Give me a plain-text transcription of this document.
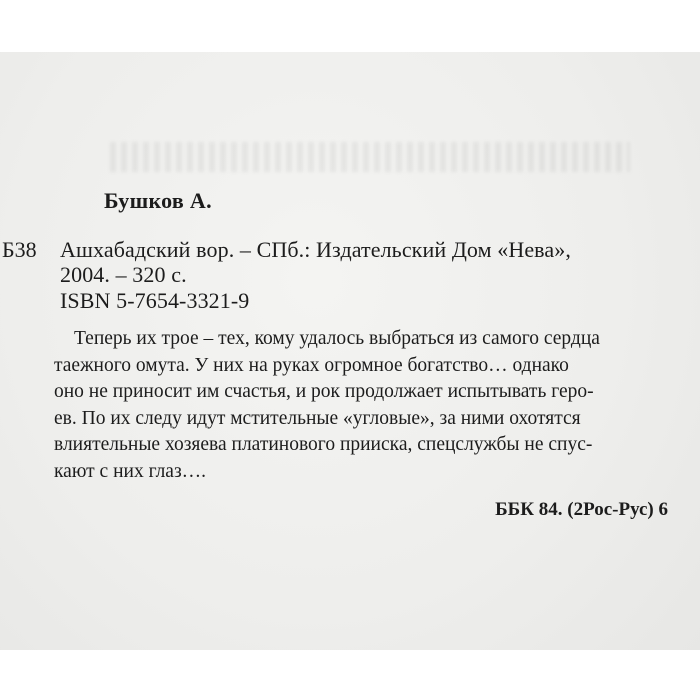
Бушков А.
Б38 Ашхабадский вор. – СПб.: Издательский Дом «Нева»,
2004. – 320 с.
ISBN 5-7654-3321-9
Теперь их трое – тех, кому удалось выбраться из самого сердца
таежного омута. У них на руках огромное богатство… однако
оно не приносит им счастья, и рок продолжает испытывать геро-
ев. По их следу идут мстительные «угловые», за ними охотятся
влиятельные хозяева платинового прииска, спецслужбы не спус-
кают с них глаз….
ББК 84. (2Рос-Рус) 6
